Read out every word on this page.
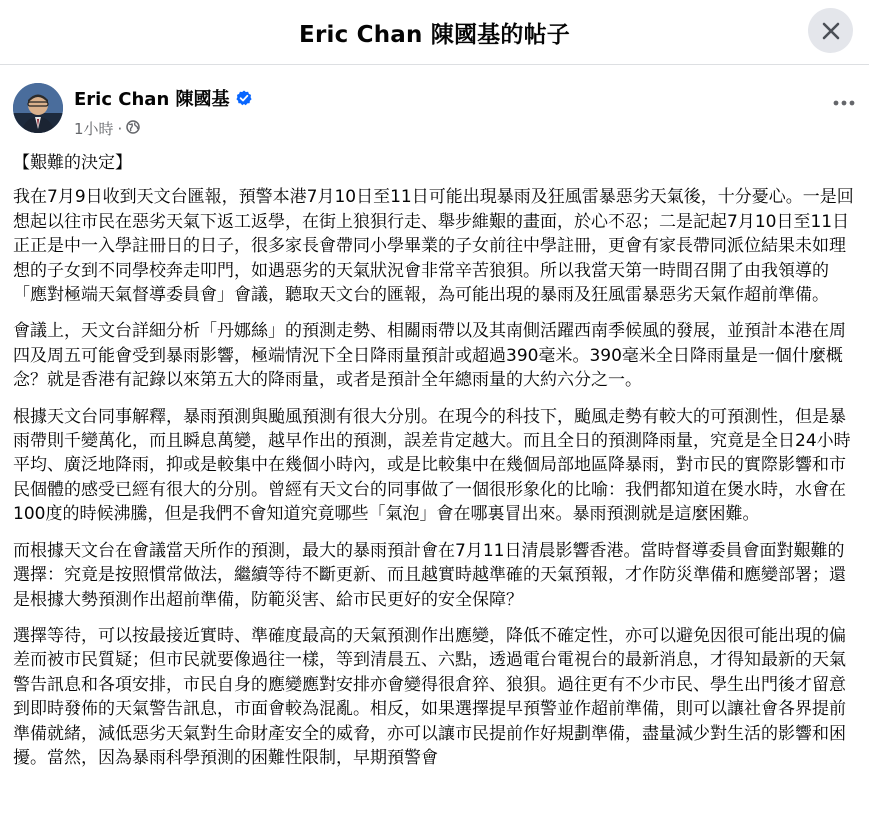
Eric Chan 陳國基的帖子
Eric Chan 陳國基
1小時 ·

【艱難的決定】

我在7月9日收到天文台匯報，預警本港7月10日至11日可能出現暴雨及狂風雷暴惡劣天氣後，十分憂心。一是回想起以往市民在惡劣天氣下返工返學，在街上狼狽行走、舉步維艱的畫面，於心不忍；二是記起7月10日至11日正正是中一入學註冊日的日子，很多家長會帶同小學畢業的子女前往中學註冊，更會有家長帶同派位結果未如理想的子女到不同學校奔走叩門，如遇惡劣的天氣狀況會非常辛苦狼狽。所以我當天第一時間召開了由我領導的「應對極端天氣督導委員會」會議，聽取天文台的匯報，為可能出現的暴雨及狂風雷暴惡劣天氣作超前準備。

會議上，天文台詳細分析「丹娜絲」的預測走勢、相關雨帶以及其南側活躍西南季候風的發展，並預計本港在周四及周五可能會受到暴雨影響，極端情況下全日降雨量預計或超過390毫米。390毫米全日降雨量是一個什麼概念？就是香港有記錄以來第五大的降雨量，或者是預計全年總雨量的大約六分之一。

根據天文台同事解釋，暴雨預測與颱風預測有很大分別。在現今的科技下，颱風走勢有較大的可預測性，但是暴雨帶則千變萬化，而且瞬息萬變，越早作出的預測，誤差肯定越大。而且全日的預測降雨量，究竟是全日24小時平均、廣泛地降雨，抑或是較集中在幾個小時內，或是比較集中在幾個局部地區降暴雨，對市民的實際影響和市民個體的感受已經有很大的分別。曾經有天文台的同事做了一個很形象化的比喻：我們都知道在煲水時，水會在100度的時候沸騰，但是我們不會知道究竟哪些「氣泡」會在哪裏冒出來。暴雨預測就是這麼困難。

而根據天文台在會議當天所作的預測，最大的暴雨預計會在7月11日清晨影響香港。當時督導委員會面對艱難的選擇：究竟是按照慣常做法，繼續等待不斷更新、而且越實時越準確的天氣預報，才作防災準備和應變部署；還是根據大勢預測作出超前準備，防範災害、給市民更好的安全保障？

選擇等待，可以按最接近實時、準確度最高的天氣預測作出應變，降低不確定性，亦可以避免因很可能出現的偏差而被市民質疑；但市民就要像過往一樣，等到清晨五、六點，透過電台電視台的最新消息，才得知最新的天氣警告訊息和各項安排，市民自身的應變應對安排亦會變得很倉猝、狼狽。過往更有不少市民、學生出門後才留意到即時發佈的天氣警告訊息，市面會較為混亂。相反，如果選擇提早預警並作超前準備，則可以讓社會各界提前準備就緒，減低惡劣天氣對生命財產安全的威脅，亦可以讓市民提前作好規劃準備，盡量減少對生活的影響和困擾。當然，因為暴雨科學預測的困難性限制，早期預警會
